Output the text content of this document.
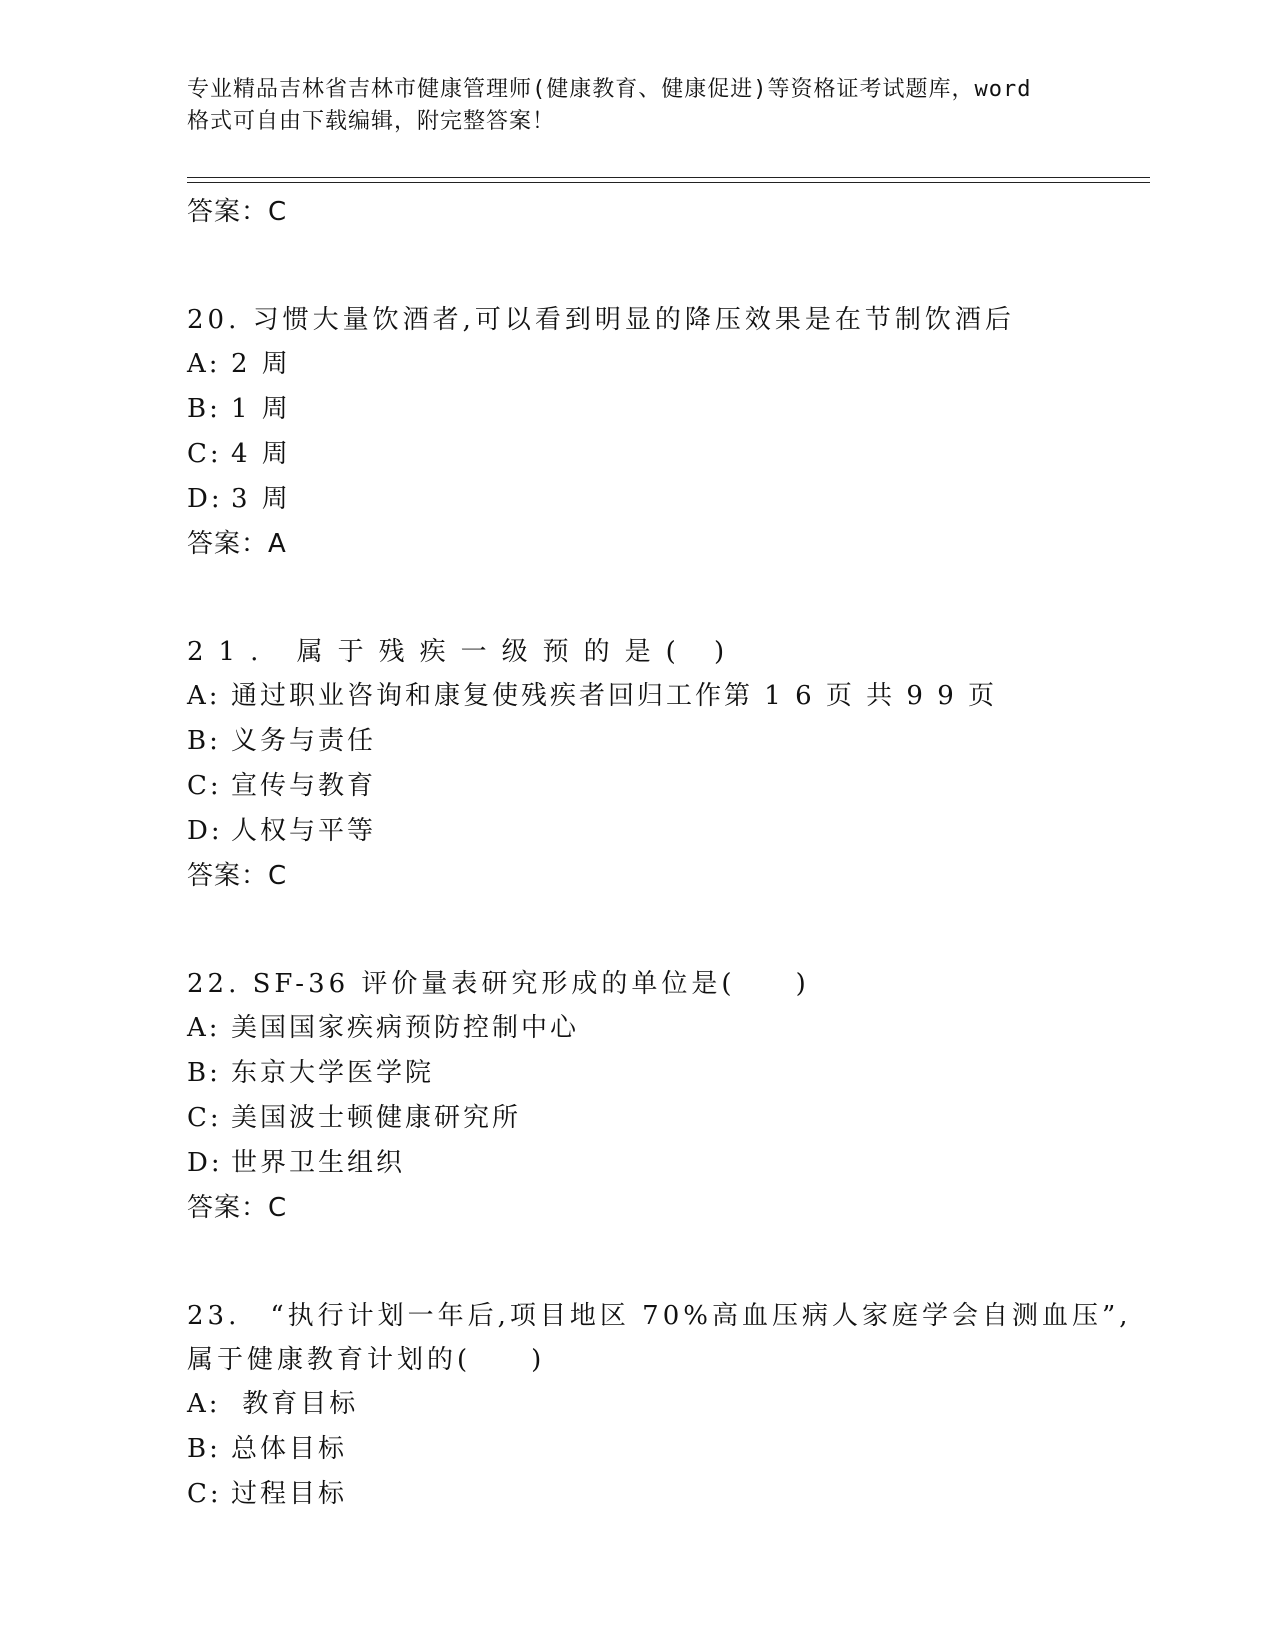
专业精品吉林省吉林市健康管理师(健康教育、健康促进)等资格证考试题库，word
格式可自由下载编辑，附完整答案！
答案：C
20. 习惯大量饮酒者,可以看到明显的降压效果是在节制饮酒后
A: 2 周
B: 1 周
C: 4 周
D: 3 周
答案：A
21. 属于残疾一级预的是( )
A: 通过职业咨询和康复使残疾者回归工作第 1 6 页 共 9 9 页
B: 义务与责任
C: 宣传与教育
D: 人权与平等
答案：C
22. SF-36 评价量表研究形成的单位是(　　)
A: 美国国家疾病预防控制中心
B: 东京大学医学院
C: 美国波士顿健康研究所
D: 世界卫生组织
答案：C
23.　“执行计划一年后,项目地区 70%高血压病人家庭学会自测血压”,属于健康教育计划的(　　)
A: 教育目标
B: 总体目标
C: 过程目标
